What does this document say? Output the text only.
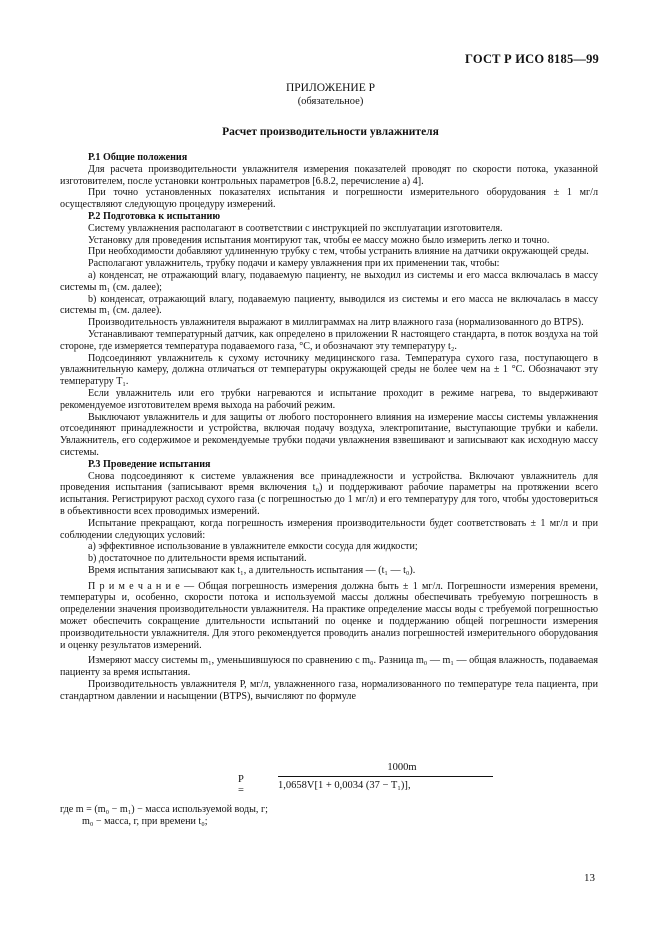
ГОСТ Р ИСО 8185—99
ПРИЛОЖЕНИЕ Р
(обязательное)
Расчет производительности увлажнителя

Р.1 Общие положения

Для расчета производительности увлажнителя измерения показателей проводят по скорости потока, указанной изготовителем, после установки контрольных параметров [6.8.2, перечисление а) 4].

При точно установленных показателях испытания и погрешности измерительного оборудования ± 1 мг/л осуществляют следующую процедуру измерений.

Р.2 Подготовка к испытанию

Систему увлажнения располагают в соответствии с инструкцией по эксплуатации изготовителя.

Установку для проведения испытания монтируют так, чтобы ее массу можно было измерить легко и точно.

При необходимости добавляют удлиненную трубку с тем, чтобы устранить влияние на датчики окружающей среды.

Располагают увлажнитель, трубку подачи и камеру увлажнения при их применении так, чтобы:

а) конденсат, не отражающий влагу, подаваемую пациенту, не выходил из системы и его масса включалась в массу системы m₁ (см. далее);

b) конденсат, отражающий влагу, подаваемую пациенту, выводился из системы и его масса не включалась в массу системы m₁ (см. далее).

Производительность увлажнителя выражают в миллиграммах на литр влажного газа (нормализованного до BTPS).

Устанавливают температурный датчик, как определено в приложении R настоящего стандарта, в поток воздуха на той стороне, где измеряется температура подаваемого газа, °C, и обозначают эту температуру t₂.

Подсоединяют увлажнитель к сухому источнику медицинского газа. Температура сухого газа, поступающего в увлажнительную камеру, должна отличаться от температуры окружающей среды не более чем на ± 1 °C. Обозначают эту температуру T₁.

Если увлажнитель или его трубки нагреваются и испытание проходит в режиме нагрева, то выдерживают рекомендуемое изготовителем время выхода на рабочий режим.

Выключают увлажнитель и для защиты от любого постороннего влияния на измерение массы системы увлажнения отсоединяют принадлежности и устройства, включая подачу воздуха, электропитание, выступающие трубки и кабели. Увлажнитель, его содержимое и рекомендуемые трубки подачи увлажнения взвешивают и записывают как исходную массу системы.

Р.3 Проведение испытания

Снова подсоединяют к системе увлажнения все принадлежности и устройства. Включают увлажнитель для проведения испытания (записывают время включения t₀) и поддерживают рабочие параметры на протяжении всего испытания. Регистрируют расход сухого газа (с погрешностью до 1 мг/л) и его температуру для того, чтобы удостовериться в объективности всех проводимых измерений.

Испытание прекращают, когда погрешность измерения производительности будет соответствовать ± 1 мг/л и при соблюдении следующих условий:

а) эффективное использование в увлажнителе емкости сосуда для жидкости;

b) достаточное по длительности время испытаний.

Время испытания записывают как t₁, а длительность испытания — (t₁ — t₀).

П р и м е ч а н и е — Общая погрешность измерения должна быть ± 1 мг/л. Погрешности измерения времени, температуры и, особенно, скорости потока и используемой массы должны обеспечивать требуемую погрешность в определении значения производительности увлажнителя. На практике определение массы воды с требуемой погрешностью может обеспечить сокращение длительности испытаний по оценке и поддержанию общей погрешности измерения производительности увлажнителя. Для этого рекомендуется проводить анализ погрешностей измерительного оборудования и оценку результатов измерений.

Измеряют массу системы m₁, уменьшившуюся по сравнению с m₀. Разница m₀ — m₁ — общая влажность, подаваемая пациенту за время испытания.

Производительность увлажнителя Р, мг/л, увлажненного газа, нормализованного по температуре тела пациента, при стандартном давлении и насыщении (BTPS), вычисляют по формуле

P =
1000m
1,0658V[1 + 0,0034 (37 − T₁)],
где m = (m₀ − m₁) − масса используемой воды, г;
m₀ − масса, г, при времени t₀;
13
